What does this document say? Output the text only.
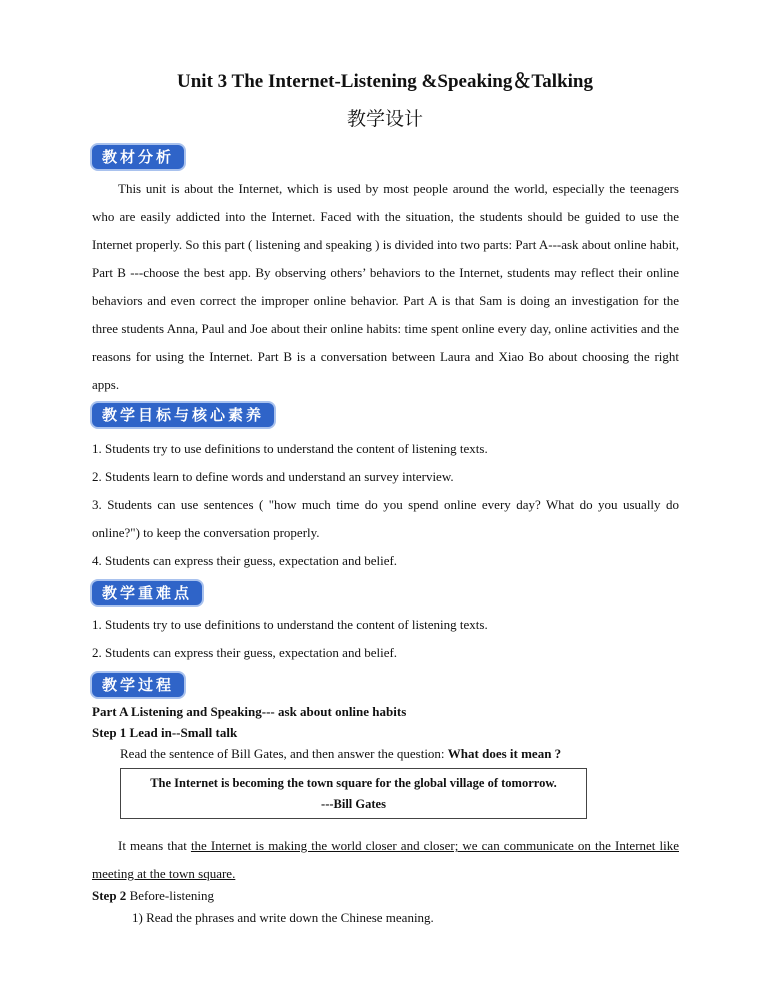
Unit 3 The Internet-Listening &Speaking＆Talking
教学设计
教材分析
This unit is about the Internet, which is used by most people around the world, especially the teenagers who are easily addicted into the Internet. Faced with the situation, the students should be guided to use the Internet properly. So this part ( listening and speaking ) is divided into two parts: Part A---ask about online habit, Part B ---choose the best app. By observing others’ behaviors to the Internet, students may reflect their online behaviors and even correct the improper online behavior. Part A is that Sam is doing an investigation for the three students Anna, Paul and Joe about their online habits: time spent online every day, online activities and the reasons for using the Internet. Part B is a conversation between Laura and Xiao Bo about choosing the right apps.
教学目标与核心素养
1. Students try to use definitions to understand the content of listening texts.
2. Students learn to define words and understand an survey interview.
3. Students can use sentences ( "how much time do you spend online every day? What do you usually do online?") to keep the conversation properly.
4. Students can express their guess, expectation and belief.
教学重难点
1. Students try to use definitions to understand the content of listening texts.
2. Students can express their guess, expectation and belief.
教学过程
Part A Listening and Speaking--- ask about online habits
Step 1 Lead in--Small talk
Read the sentence of Bill Gates, and then answer the question: What does it mean ?
The Internet is becoming the town square for the global village of tomorrow.
---Bill Gates
It means that the Internet is making the world closer and closer; we can communicate on the Internet like meeting at the town square.
Step 2 Before-listening
1) Read the phrases and write down the Chinese meaning.
